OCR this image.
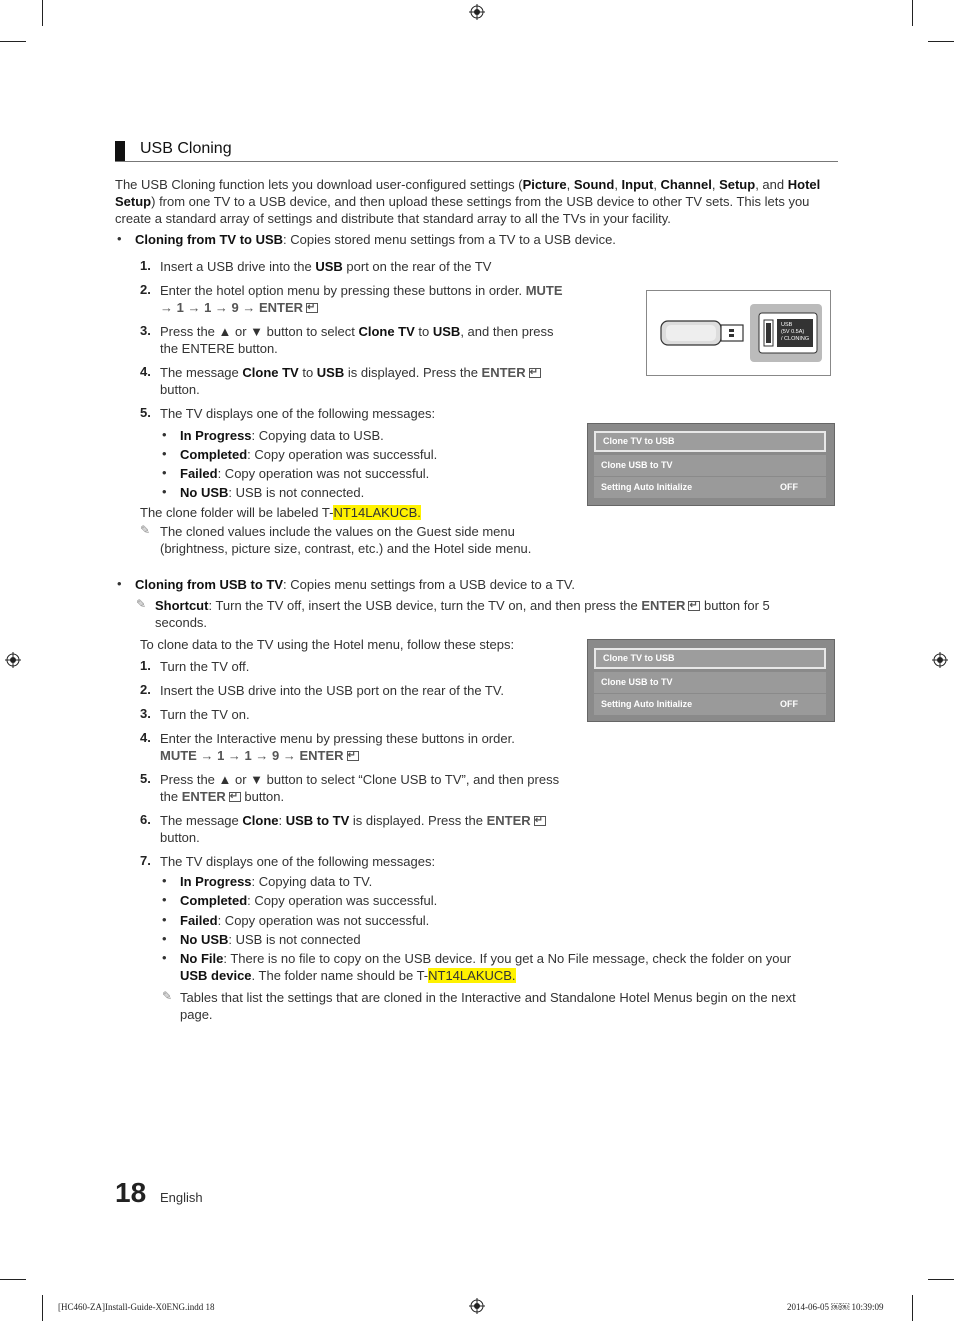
USB Cloning

The USB Cloning function lets you download user-configured settings (Picture, Sound, Input, Channel, Setup, and Hotel

Setup) from one TV to a USB device, and then upload these settings from the USB device to other TV sets. This lets you

create a standard array of settings and distribute that standard array to all the TVs in your facility.

• Cloning from TV to USB: Copies stored menu settings from a TV to a USB device.
1. Insert a USB drive into the USB port on the rear of the TV
2. Enter the hotel option menu by pressing these buttons in order. MUTE
→ 1 → 1 → 9 → ENTER↵
3. Press the ▲ or ▼ button to select Clone TV to USB, and then press
the ENTERE button.
4. The message Clone TV to USB is displayed. Press the ENTER↵
button.
5. The TV displays one of the following messages:
• In Progress: Copying data to USB.
• Completed: Copy operation was successful.
• Failed: Copy operation was not successful.
• No USB: USB is not connected.
The clone folder will be labeled T-NT14LAKUCB.
✎ The cloned values include the values on the Guest side menu
(brightness, picture size, contrast, etc.) and the Hotel side menu.
USB
(5V 0.5A)
/ CLONING
Clone TV to USB
Clone USB to TV
Setting Auto Initialize	OFF
• Cloning from USB to TV: Copies menu settings from a USB device to a TV.
✎ Shortcut: Turn the TV off, insert the USB device, turn the TV on, and then press the ENTER↵ button for 5
seconds.
To clone data to the TV using the Hotel menu, follow these steps:
1. Turn the TV off.
2. Insert the USB drive into the USB port on the rear of the TV.
3. Turn the TV on.
4. Enter the Interactive menu by pressing these buttons in order.
MUTE → 1 → 1 → 9 → ENTER↵
5. Press the ▲ or ▼ button to select “Clone USB to TV”, and then press
the ENTER↵ button.
6. The message Clone: USB to TV is displayed. Press the ENTER↵
button.
7. The TV displays one of the following messages:
• In Progress: Copying data to TV.
• Completed: Copy operation was successful.
• Failed: Copy operation was not successful.
• No USB: USB is not connected
• No File: There is no file to copy on the USB device. If you get a No File message, check the folder on your
USB device. The folder name should be T-NT14LAKUCB.
✎ Tables that list the settings that are cloned in the Interactive and Standalone Hotel Menus begin on the next
page.
Clone TV to USB
Clone USB to TV
Setting Auto Initialize	OFF
18 English
[HC460-ZA]Install-Guide-X0ENG.indd 18	2014-06-05 ￼￼ 10:39:09
